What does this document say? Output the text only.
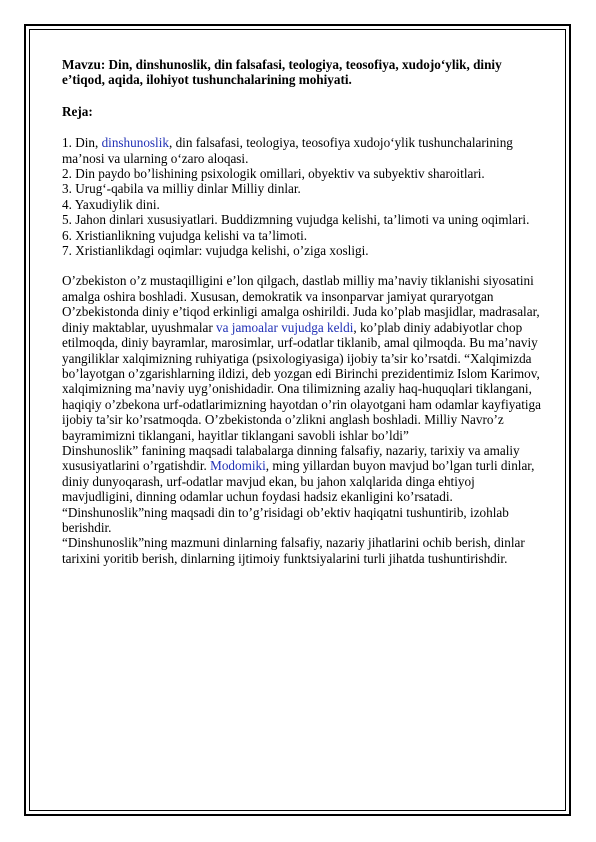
Mavzu: Din, dinshunoslik, din falsafasi, teologiya, teosofiya, xudojo‘ylik, diniy e’tiqod, aqida, ilohiyot tushunchalarining mohiyati.

Reja:

1. Din, dinshunoslik, din falsafasi, teologiya, teosofiya xudojo‘ylik tushunchalarining ma’nosi va ularning o‘zaro aloqasi.

2. Din paydo bo’lishining psixologik omillari, obyektiv va subyektiv sharoitlari.

3. Urug‘-qabila va milliy dinlar Milliy dinlar.

4. Yaxudiylik dini.

5. Jahon dinlari xususiyatlari. Buddizmning vujudga kelishi, ta’limoti va uning oqimlari.

6. Xristianlikning vujudga kelishi va ta’limoti.

7. Xristianlikdagi oqimlar: vujudga kelishi, o’ziga xosligi.

O’zbekiston o’z mustaqilligini e’lon qilgach, dastlab milliy ma’naviy tiklanishi siyosatini amalga oshira boshladi. Xususan, demokratik va insonparvar jamiyat quraryotgan O’zbekistonda diniy e’tiqod erkinligi amalga oshirildi. Juda ko’plab masjidlar, madrasalar, diniy maktablar, uyushmalar va jamoalar vujudga keldi, ko’plab diniy adabiyotlar chop etilmoqda, diniy bayramlar, marosimlar, urf-odatlar tiklanib, amal qilmoqda. Bu ma’naviy yangiliklar xalqimizning ruhiyatiga (psixologiyasiga) ijobiy ta’sir ko’rsatdi. “Xalqimizda bo’layotgan o’zgarishlarning ildizi, deb yozgan edi Birinchi prezidentimiz Islom Karimov, xalqimizning ma’naviy uyg’onishidadir. Ona tilimizning azaliy haq-huquqlari tiklangani, haqiqiy o’zbekona urf-odatlarimizning hayotdan o’rin olayotgani ham odamlar kayfiyatiga ijobiy ta’sir ko’rsatmoqda. O’zbekistonda o’zlikni anglash boshladi. Milliy Navro’z bayramimizni tiklangani, hayitlar tiklangani savobli ishlar bo’ldi”

Dinshunoslik” fanining maqsadi talabalarga dinning falsafiy, nazariy, tarixiy va amaliy xususiyatlarini o’rgatishdir. Modomiki, ming yillardan buyon mavjud bo’lgan turli dinlar, diniy dunyoqarash, urf-odatlar mavjud ekan, bu jahon xalqlarida dinga ehtiyoj mavjudligini, dinning odamlar uchun foydasi hadsiz ekanligini ko’rsatadi. “Dinshunoslik”ning maqsadi din to’g’risidagi ob’ektiv haqiqatni tushuntirib, izohlab berishdir.

“Dinshunoslik”ning mazmuni dinlarning falsafiy, nazariy jihatlarini ochib berish, dinlar tarixini yoritib berish, dinlarning ijtimoiy funktsiyalarini turli jihatda tushuntirishdir.
